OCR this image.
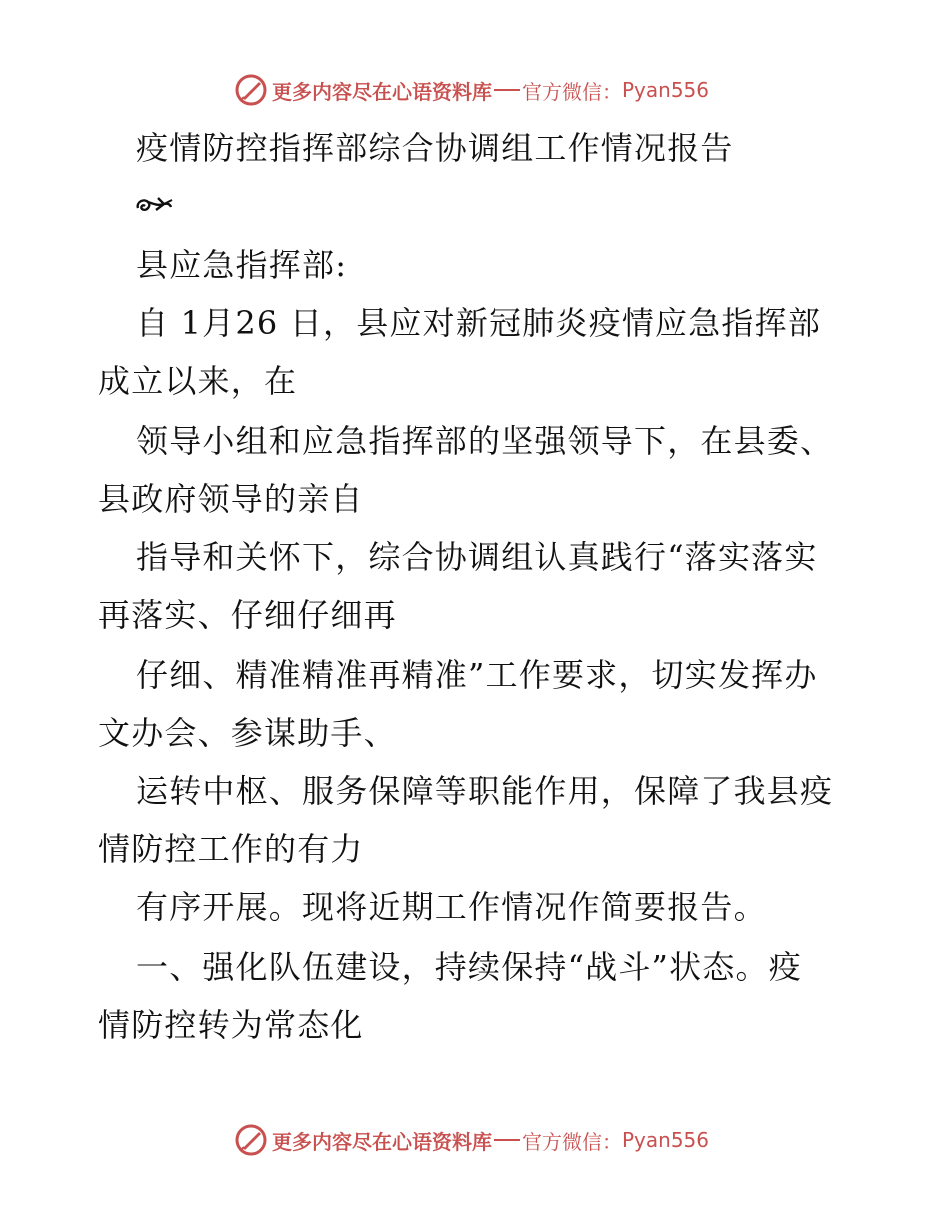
更多内容尽在心语资料库 官方微信： Pyan556
疫情防控指挥部综合协调组工作情况报告
县应急指挥部:
自 1月26 日，县应对新冠肺炎疫情应急指挥部
成立以来，在
领导小组和应急指挥部的坚强领导下，在县委、
县政府领导的亲自
指导和关怀下，综合协调组认真践行“落实落实
再落实、仔细仔细再
仔细、精准精准再精准”工作要求，切实发挥办
文办会、参谋助手、
运转中枢、服务保障等职能作用，保障了我县疫
情防控工作的有力
有序开展。现将近期工作情况作简要报告。
一、强化队伍建设，持续保持“战斗”状态。疫
情防控转为常态化
更多内容尽在心语资料库 官方微信： Pyan556
